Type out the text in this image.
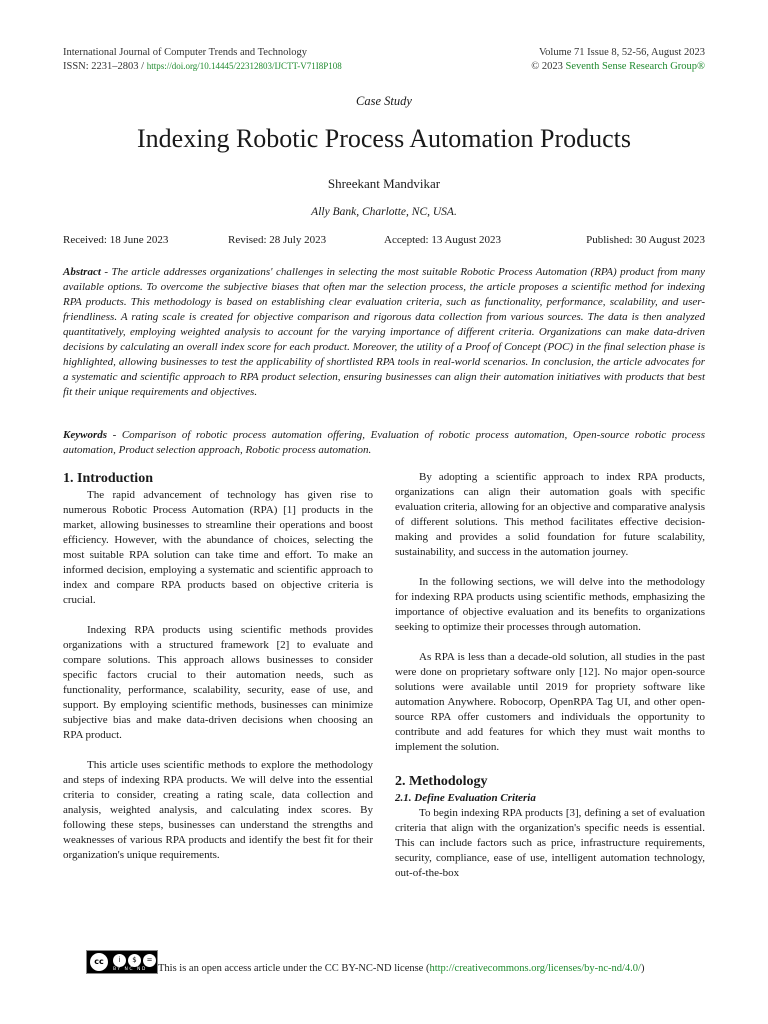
International Journal of Computer Trends and Technology
ISSN: 2231–2803 / https://doi.org/10.14445/22312803/IJCTT-V71I8P108
Volume 71 Issue 8, 52-56, August 2023
© 2023 Seventh Sense Research Group®
Case Study
Indexing Robotic Process Automation Products
Shreekant Mandvikar
Ally Bank, Charlotte, NC, USA.
Received: 18 June 2023	Revised: 28 July 2023	Accepted: 13 August 2023	Published: 30 August 2023

Abstract - The article addresses organizations' challenges in selecting the most suitable Robotic Process Automation (RPA) product from many available options. To overcome the subjective biases that often mar the selection process, the article proposes a scientific method for indexing RPA products. This methodology is based on establishing clear evaluation criteria, such as functionality, performance, scalability, and user-friendliness. A rating scale is created for objective comparison and rigorous data collection from various sources. The data is then analyzed quantitatively, employing weighted analysis to account for the varying importance of different criteria. Organizations can make data-driven decisions by calculating an overall index score for each product. Moreover, the utility of a Proof of Concept (POC) in the final selection phase is highlighted, allowing businesses to test the applicability of shortlisted RPA tools in real-world scenarios. In conclusion, the article advocates for a systematic and scientific approach to RPA product selection, ensuring businesses can align their automation initiatives with products that best fit their unique requirements and objectives.

Keywords - Comparison of robotic process automation offering, Evaluation of robotic process automation, Open-source robotic process automation, Product selection approach, Robotic process automation.

1. Introduction

The rapid advancement of technology has given rise to numerous Robotic Process Automation (RPA) [1] products in the market, allowing businesses to streamline their operations and boost efficiency. However, with the abundance of choices, selecting the most suitable RPA solution can take time and effort. To make an informed decision, employing a systematic and scientific approach to index and compare RPA products based on objective criteria is crucial.

Indexing RPA products using scientific methods provides organizations with a structured framework [2] to evaluate and compare solutions. This approach allows businesses to consider specific factors crucial to their automation needs, such as functionality, performance, scalability, security, ease of use, and support. By employing scientific methods, businesses can minimize subjective bias and make data-driven decisions when choosing an RPA product.

This article uses scientific methods to explore the methodology and steps of indexing RPA products. We will delve into the essential criteria to consider, creating a rating scale, data collection and analysis, weighted analysis, and calculating index scores. By following these steps, businesses can understand the strengths and weaknesses of various RPA products and identify the best fit for their organization's unique requirements.

By adopting a scientific approach to index RPA products, organizations can align their automation goals with specific evaluation criteria, allowing for an objective and comparative analysis of different solutions. This method facilitates effective decision-making and provides a solid foundation for future scalability, sustainability, and success in the automation journey.

In the following sections, we will delve into the methodology for indexing RPA products using scientific methods, emphasizing the importance of objective evaluation and its benefits to organizations seeking to optimize their processes through automation.

As RPA is less than a decade-old solution, all studies in the past were done on proprietary software only [12]. No major open-source solutions were available until 2019 for propriety software like automation Anywhere. Robocorp, OpenRPA Tag UI, and other open-source RPA offer customers and individuals the opportunity to contribute and add features for which they must wait months to implement the solution.

2. Methodology
2.1. Define Evaluation Criteria

To begin indexing RPA products [3], defining a set of evaluation criteria that align with the organization's specific needs is essential. This can include factors such as price, infrastructure requirements, security, compliance, ease of use, intelligent automation technology, out-of-the-box

cc	i	$	=
BY NC ND	This is an open access article under the CC BY-NC-ND license (http://creativecommons.org/licenses/by-nc-nd/4.0/)
